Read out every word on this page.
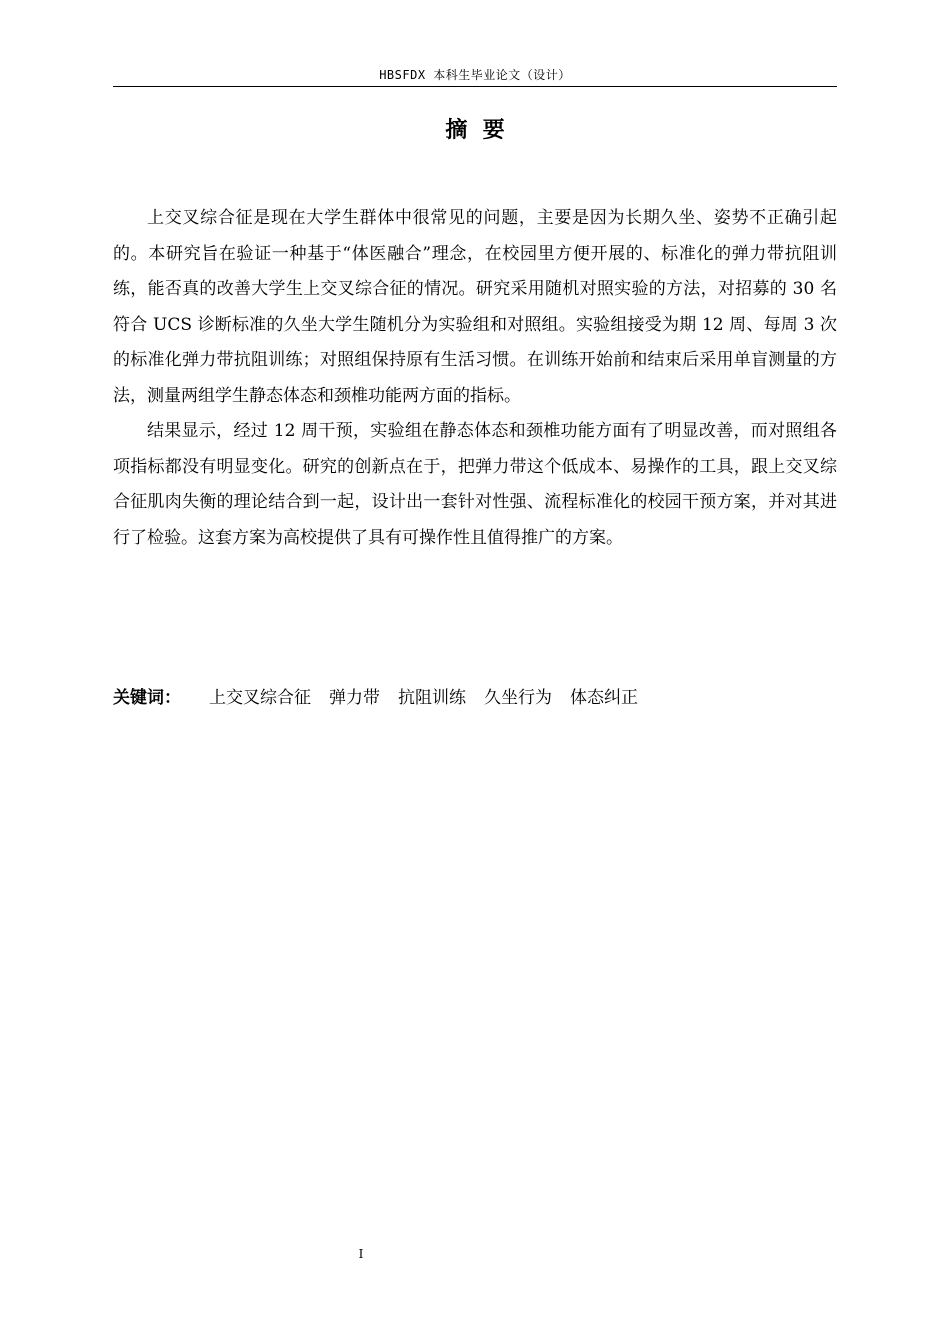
HBSFDX 本科生毕业论文（设计）
摘  要

上交叉综合征是现在大学生群体中很常见的问题，主要是因为长期久坐、姿势不正确引起的。本研究旨在验证一种基于“体医融合”理念，在校园里方便开展的、标准化的弹力带抗阻训练，能否真的改善大学生上交叉综合征的情况。研究采用随机对照实验的方法，对招募的 30 名符合 UCS 诊断标准的久坐大学生随机分为实验组和对照组。实验组接受为期 12 周、每周 3 次的标准化弹力带抗阻训练；对照组保持原有生活习惯。在训练开始前和结束后采用单盲测量的方法，测量两组学生静态体态和颈椎功能两方面的指标。

结果显示，经过 12 周干预，实验组在静态体态和颈椎功能方面有了明显改善，而对照组各项指标都没有明显变化。研究的创新点在于，把弹力带这个低成本、易操作的工具，跟上交叉综合征肌肉失衡的理论结合到一起，设计出一套针对性强、流程标准化的校园干预方案，并对其进行了检验。这套方案为高校提供了具有可操作性且值得推广的方案。

关键词： 上交叉综合征 弹力带 抗阻训练 久坐行为 体态纠正
I
